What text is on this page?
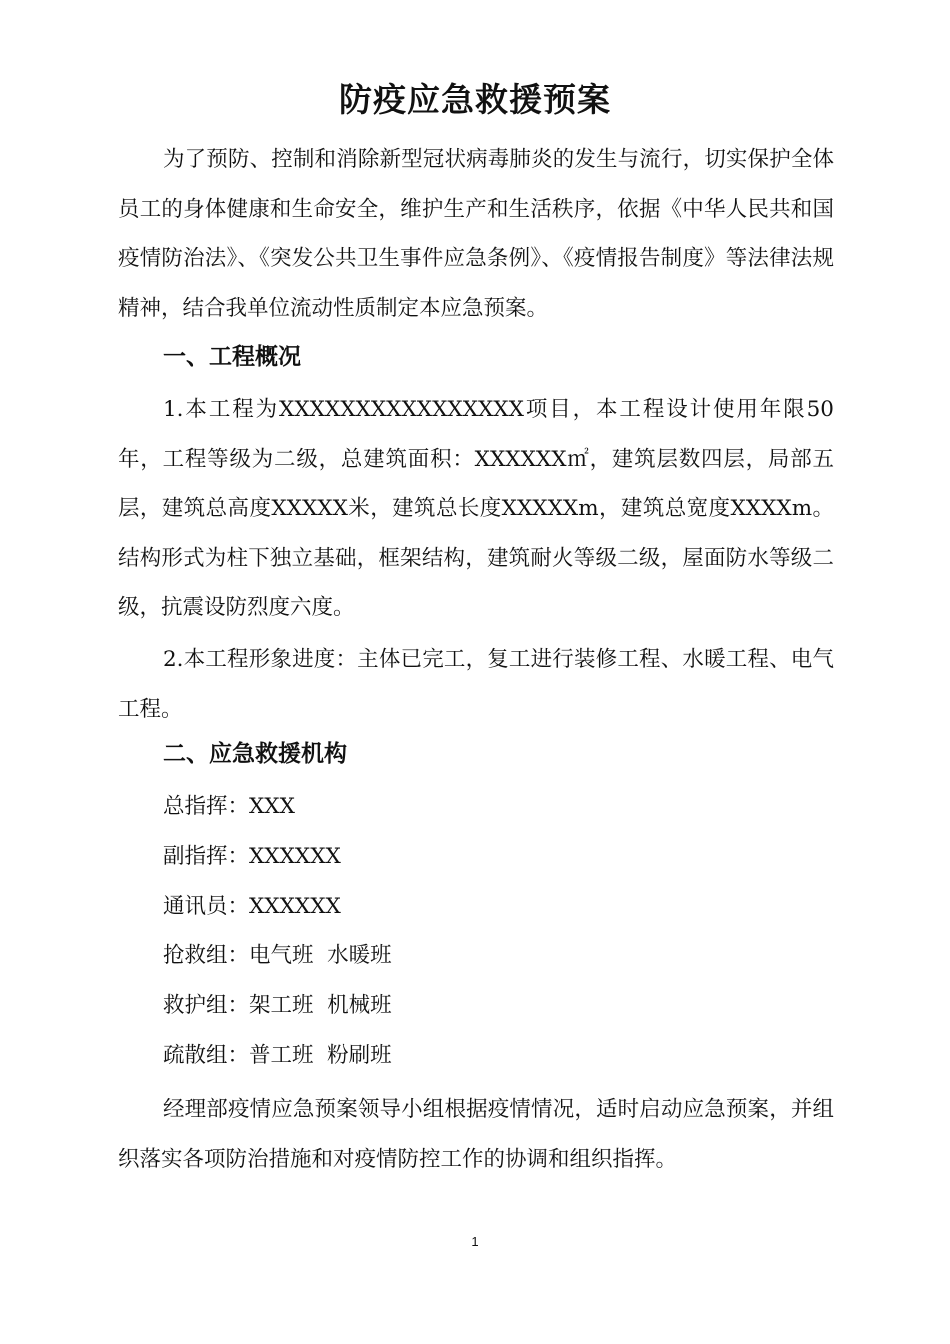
防疫应急救援预案

为了预防、控制和消除新型冠状病毒肺炎的发生与流行，切实保护全体员工的身体健康和生命安全，维护生产和生活秩序，依据《中华人民共和国疫情防治法》、《突发公共卫生事件应急条例》、《疫情报告制度》等法律法规精神，结合我单位流动性质制定本应急预案。

一、工程概况

1.本工程为XXXXXXXXXXXXXXXX项目，本工程设计使用年限50年，工程等级为二级，总建筑面积：XXXXXX㎡，建筑层数四层，局部五层，建筑总高度XXXXX米，建筑总长度XXXXXm，建筑总宽度XXXXm。结构形式为柱下独立基础，框架结构，建筑耐火等级二级，屋面防水等级二级，抗震设防烈度六度。

2.本工程形象进度：主体已完工，复工进行装修工程、水暖工程、电气工程。

二、应急救援机构

总指挥：XXX

副指挥：XXXXXX

通讯员：XXXXXX

抢救组：电气班  水暖班

救护组：架工班  机械班

疏散组：普工班  粉刷班

经理部疫情应急预案领导小组根据疫情情况，适时启动应急预案，并组织落实各项防治措施和对疫情防控工作的协调和组织指挥。

1
